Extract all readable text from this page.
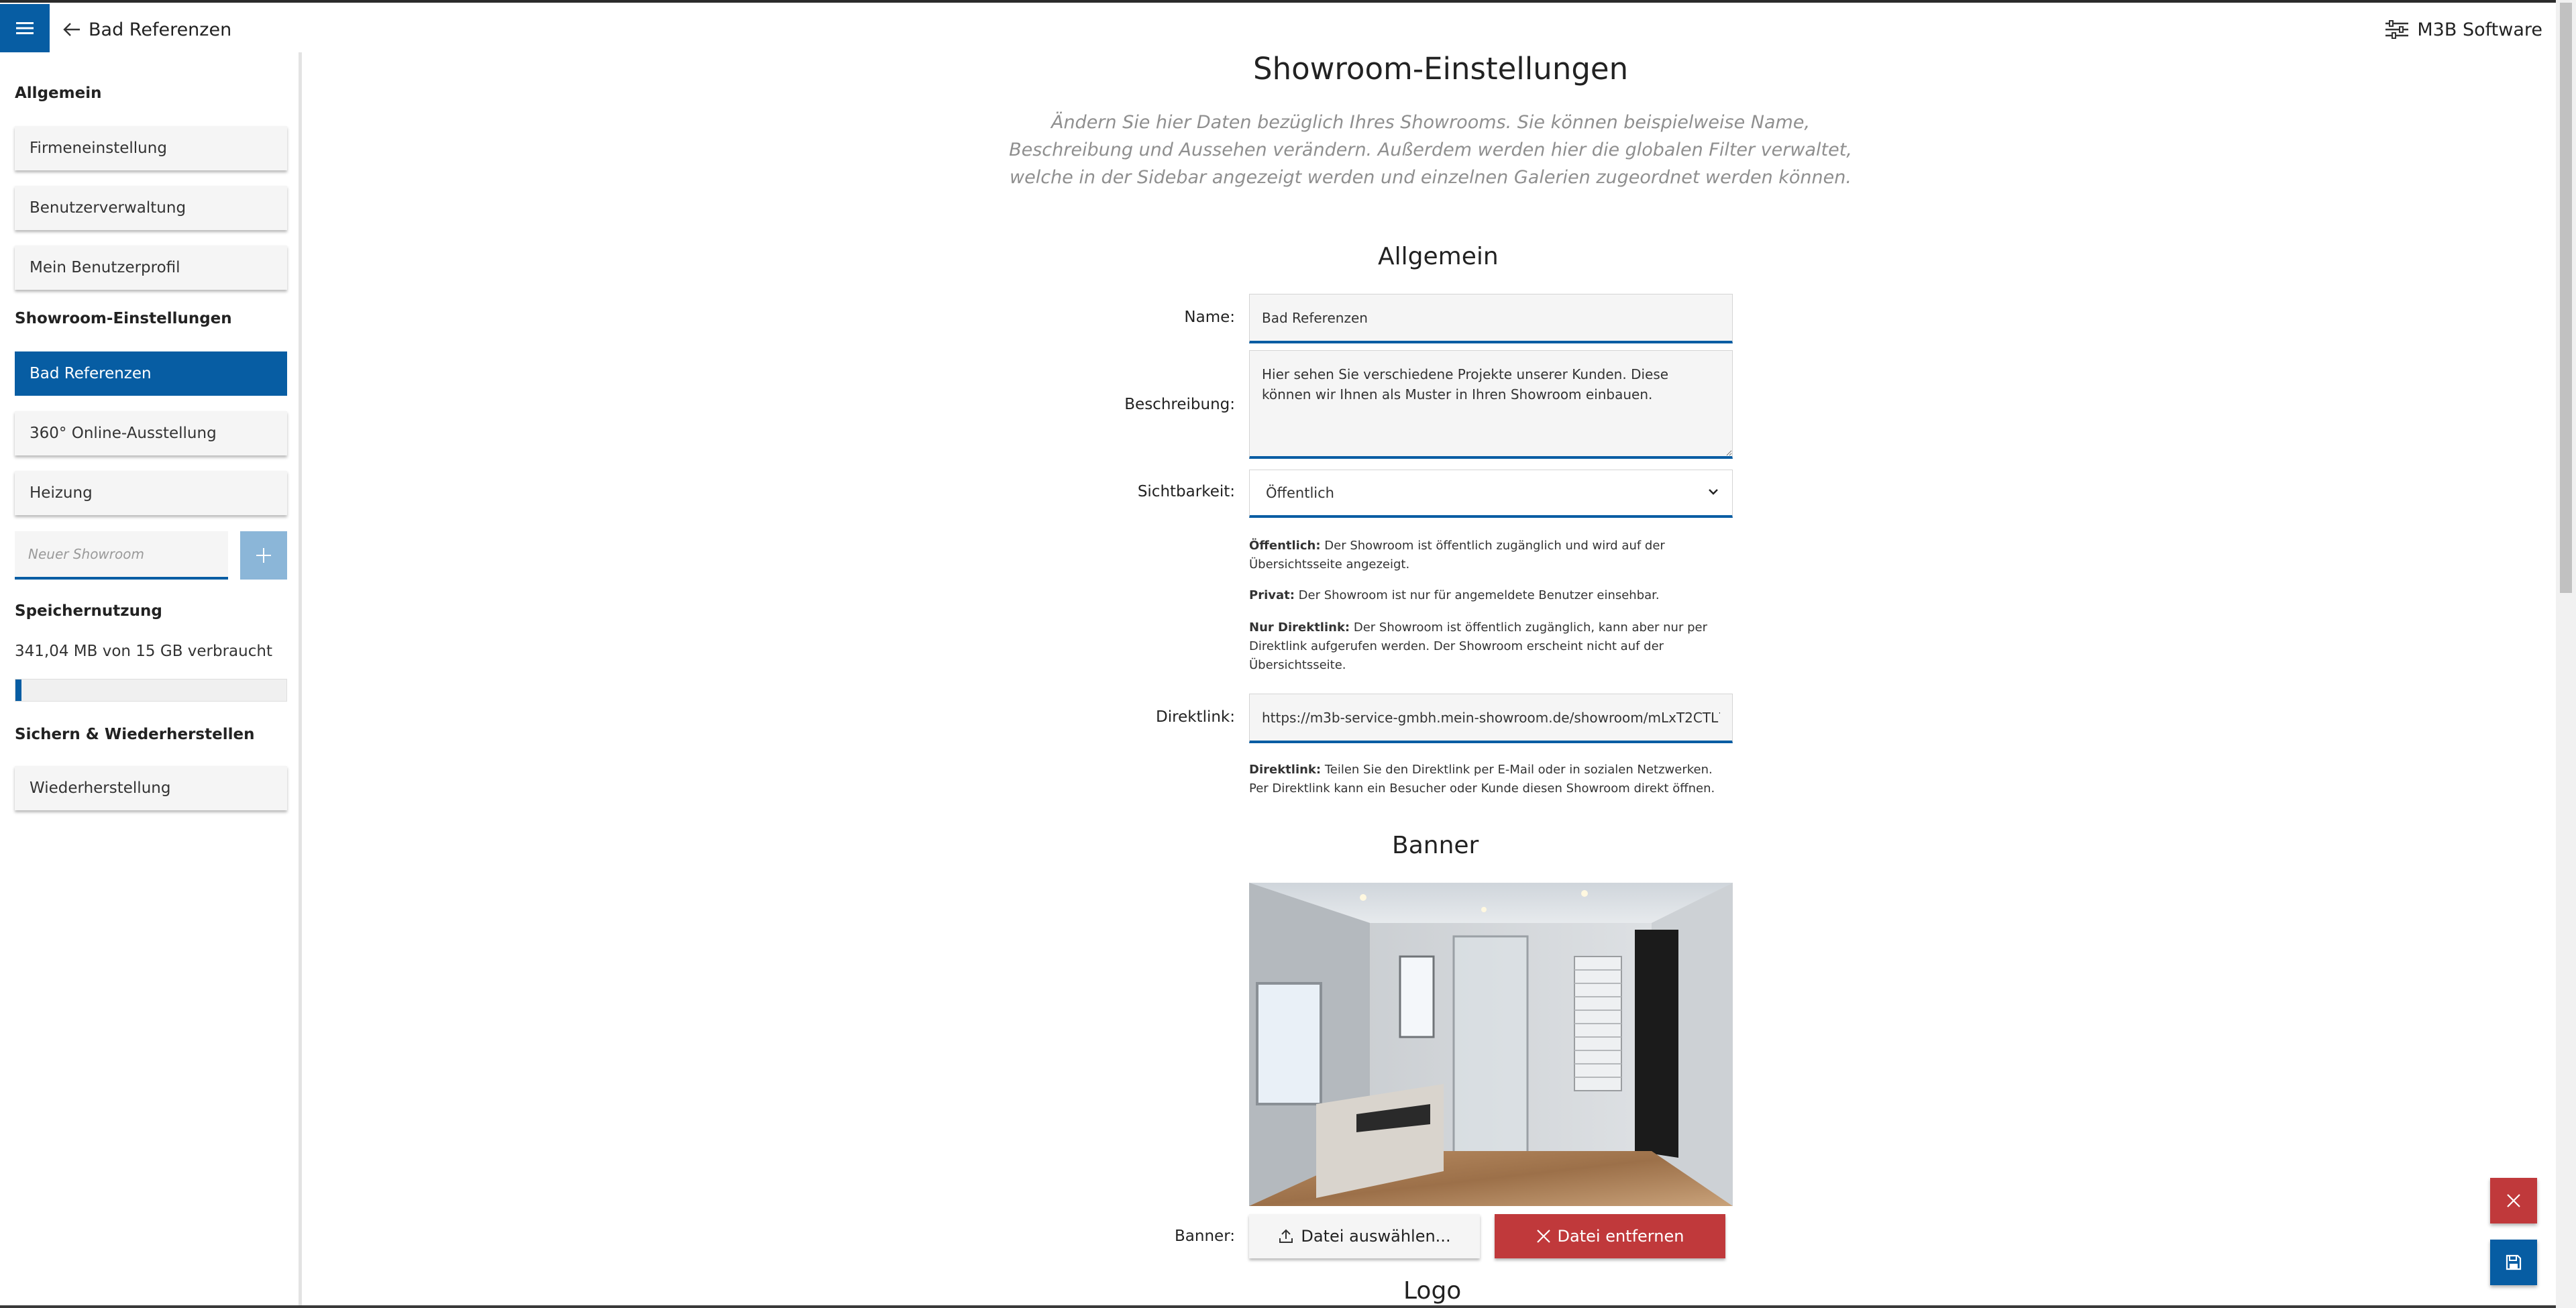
Bad Referenzen	M3B Software
Allgemein
Firmeneinstellung
Benutzerverwaltung
Mein Benutzerprofil
Showroom-Einstellungen
Bad Referenzen
360° Online-Ausstellung
Heizung
Neuer Showroom
Speichernutzung
341,04 MB von 15 GB verbraucht
Sichern & Wiederherstellen
Wiederherstellung
Showroom-Einstellungen
Ändern Sie hier Daten bezüglich Ihres Showrooms. Sie können beispielweise Name,
Beschreibung und Aussehen verändern. Außerdem werden hier die globalen Filter verwaltet,
welche in der Sidebar angezeigt werden und einzelnen Galerien zugeordnet werden können.
Allgemein
Name:
Bad Referenzen
Beschreibung:
Hier sehen Sie verschiedene Projekte unserer Kunden. Diese können wir Ihnen als Muster in Ihren Showroom einbauen.
Sichtbarkeit: Öffentlich
Öffentlich: Der Showroom ist öffentlich zugänglich und wird auf der Übersichtsseite angezeigt.
Privat: Der Showroom ist nur für angemeldete Benutzer einsehbar.
Nur Direktlink: Der Showroom ist öffentlich zugänglich, kann aber nur per Direktlink aufgerufen werden. Der Showroom erscheint nicht auf der Übersichtsseite.
Direktlink:
https://m3b-service-gmbh.mein-showroom.de/showroom/mLxT2CTL7Jv
Direktlink: Teilen Sie den Direktlink per E-Mail oder in sozialen Netzwerken. Per Direktlink kann ein Besucher oder Kunde diesen Showroom direkt öffnen.
Banner
Banner:	Datei auswählen...	Datei entfernen
Logo
